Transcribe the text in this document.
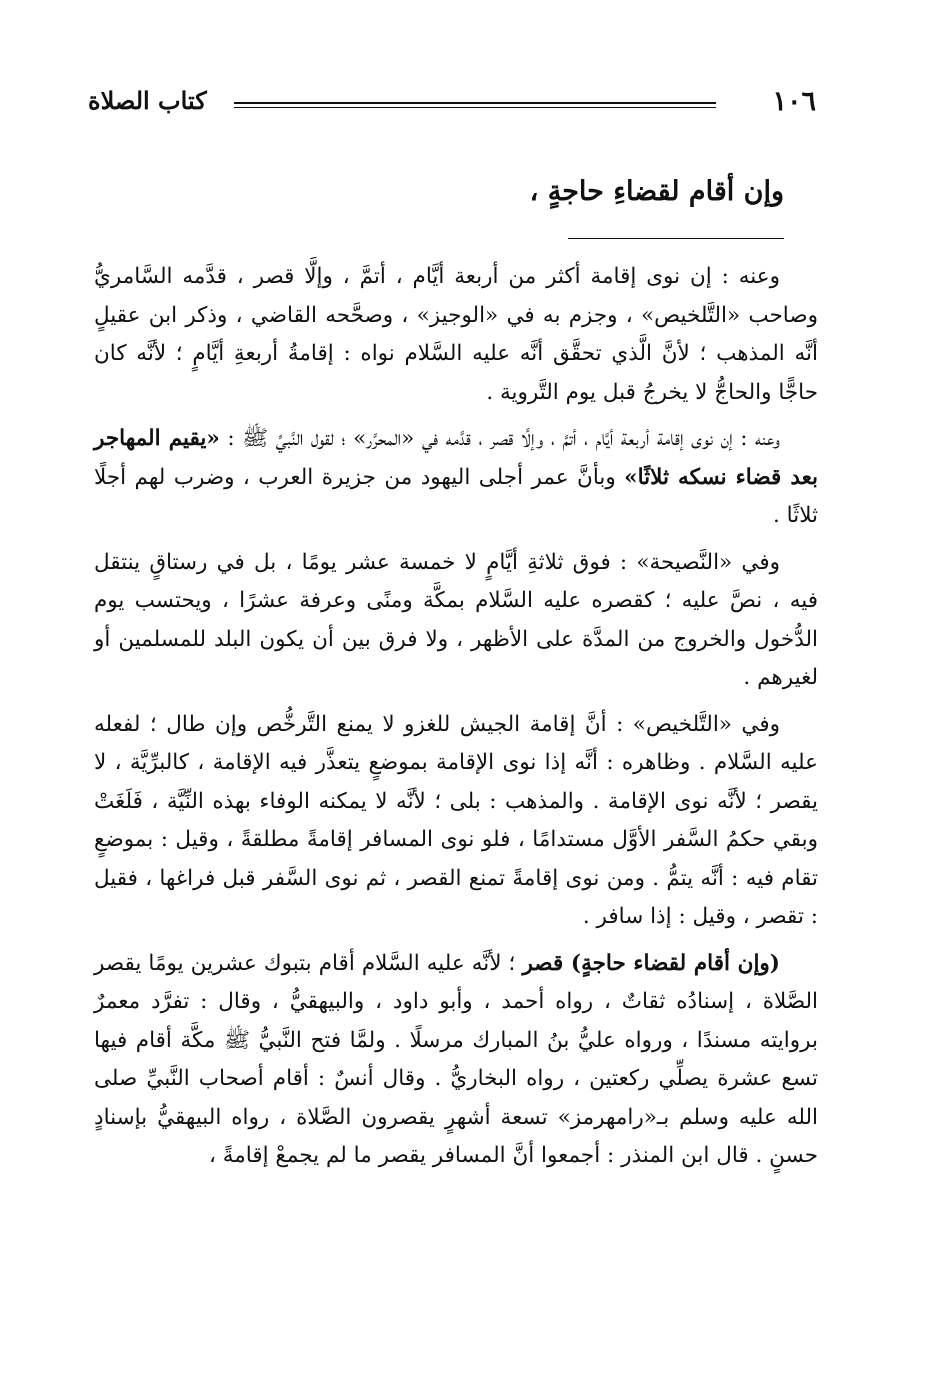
١٠٦
كتاب الصلاة
وإن أقام لقضاءِ حاجةٍ ،

وعنه : إن نوى إقامة أكثر من أربعة أيَّام ، أتمَّ ، وإلَّا قصر ، قدَّمه السَّامريُّ وصاحب «التَّلخيص» ، وجزم به في «الوجيز» ، وصحَّحه القاضي ، وذكر ابن عقيلٍ أنَّه المذهب ؛ لأنَّ الَّذي تحقَّق أنَّه عليه السَّلام نواه : إقامةُ أربعةِ أيَّامٍ ؛ لأنَّه كان حاجًّا والحاجُّ لا يخرجُ قبل يوم التَّروية .

وعنه : إن نوى إقامة أربعة أيَّام ، أتمَّ ، وإلَّا قصر ، قدَّمه في «المحرَّر» ؛ لقول النَّبيِّ ﷺ : «يقيم المهاجر بعد قضاء نسكه ثلاثًا» وبأنَّ عمر أجلى اليهود من جزيرة العرب ، وضرب لهم أجلًا ثلاثًا .

وفي «النَّصيحة» : فوق ثلاثةِ أيَّامٍ لا خمسة عشر يومًا ، بل في رستاقٍ ينتقل فيه ، نصَّ عليه ؛ كقصره عليه السَّلام بمكَّة ومنًى وعرفة عشرًا ، ويحتسب يوم الدُّخول والخروج من المدَّة على الأظهر ، ولا فرق بين أن يكون البلد للمسلمين أو لغيرهم .

وفي «التَّلخيص» : أنَّ إقامة الجيش للغزو لا يمنع التَّرخُّص وإن طال ؛ لفعله عليه السَّلام . وظاهره : أنَّه إذا نوى الإقامة بموضعٍ يتعذَّر فيه الإقامة ، كالبرِّيَّة ، لا يقصر ؛ لأنَّه نوى الإقامة . والمذهب : بلى ؛ لأنَّه لا يمكنه الوفاء بهذه النِّيَّة ، فَلَغَتْ وبقي حكمُ السَّفر الأوَّل مستدامًا ، فلو نوى المسافر إقامةً مطلقةً ، وقيل : بموضعٍ تقام فيه : أنَّه يتمُّ . ومن نوى إقامةً تمنع القصر ، ثم نوى السَّفر قبل فراغها ، فقيل : تقصر ، وقيل : إذا سافر .

(وإن أقام لقضاء حاجةٍ) قصر ؛ لأنَّه عليه السَّلام أقام بتبوك عشرين يومًا يقصر الصَّلاة ، إسنادُه ثقاتٌ ، رواه أحمد ، وأبو داود ، والبيهقيُّ ، وقال : تفرَّد معمرٌ بروايته مسندًا ، ورواه عليُّ بنُ المبارك مرسلًا . ولمَّا فتح النَّبيُّ ﷺ مكَّة أقام فيها تسع عشرة يصلِّي ركعتين ، رواه البخاريُّ . وقال أنسٌ : أقام أصحاب النَّبيِّ صلى الله عليه وسلم بـ«رامهرمز» تسعة أشهرٍ يقصرون الصَّلاة ، رواه البيهقيُّ بإسنادٍ حسنٍ . قال ابن المنذر : أجمعوا أنَّ المسافر يقصر ما لم يجمعْ إقامةً ،
